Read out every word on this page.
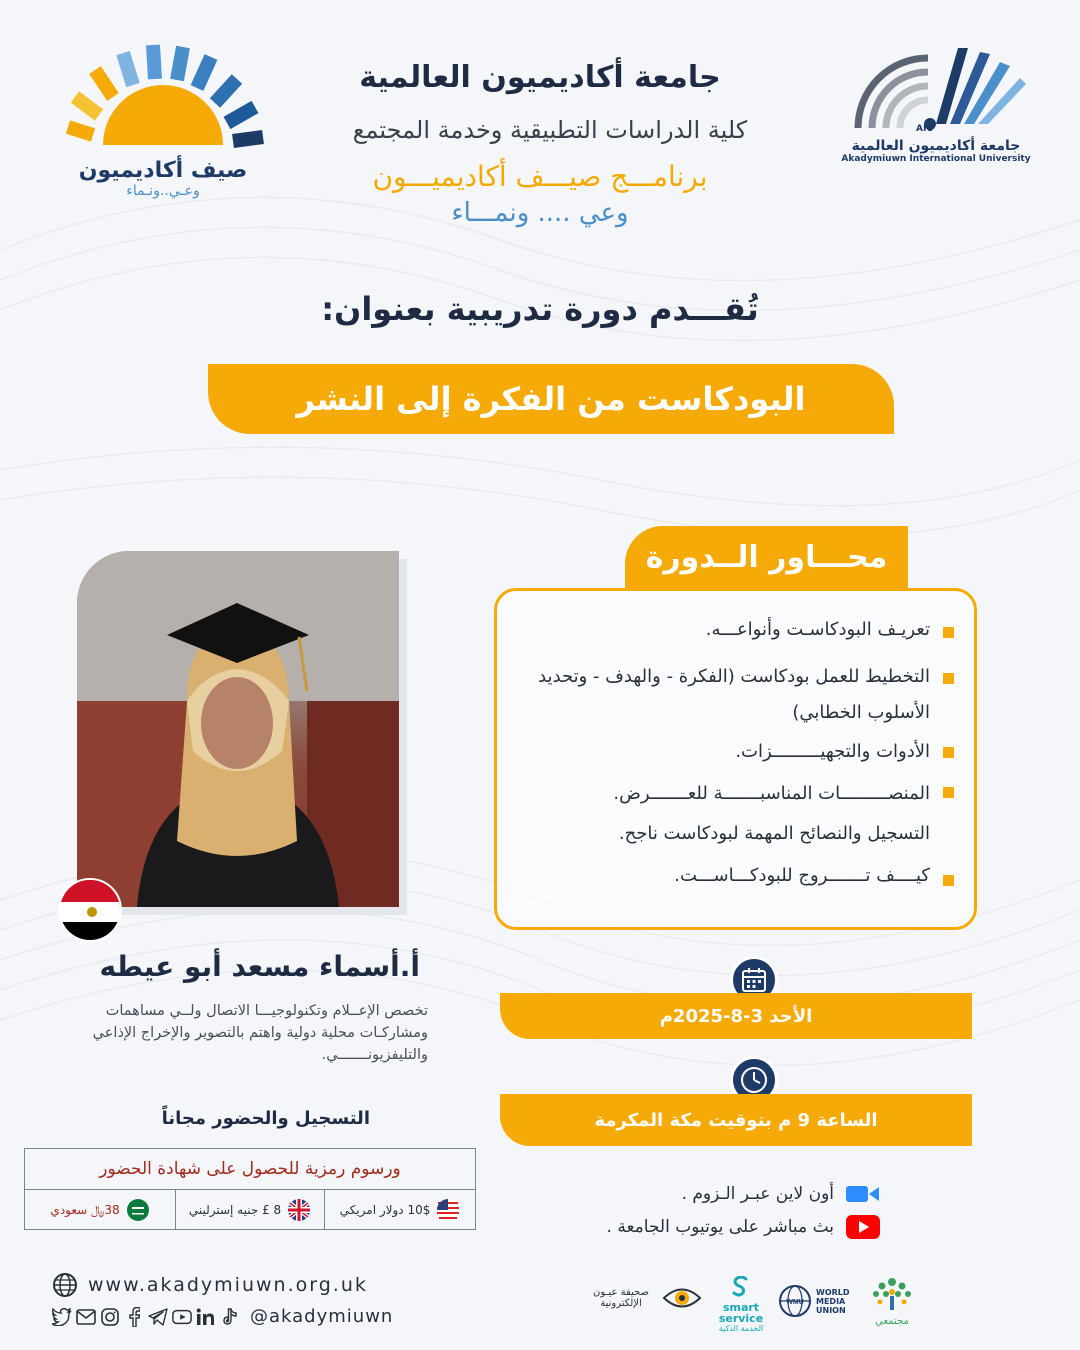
صيف أكاديميون
وعـي..ونـماء
AIU
جامعة أكاديميون العالمية
Akadymiuwn International University
جامعة أكاديميون العالمية
كلية الدراسات التطبيقية وخدمة المجتمع
برنامـــج صيـــف أكاديميـــون
وعي .... ونمـــاء
تُقـــدم دورة تدريبية بعنوان:
البودكاست من الفكرة إلى النشر
محـــاور الــدورة
تعريـف البودكاسـت وأنواعـــه.
التخطيط للعمل بودكاست (الفكرة - والهدف - وتحديد الأسلوب الخطابي)
الأدوات والتجهيـــــــــزات.
المنصـــــــــات المناسبـــــــة للعـــــــرض.
التسجيل والنصائح المهمة لبودكاست ناجح.
كيــــف تـــــــروج للبودكـــاســـت.
أ.أسماء مسعد أبو عيطه
تخصص الإعــلام وتكنولوجيـــا الاتصال ولــي مساهمات ومشاركـات محلية دولية واهتم بالتصوير والإخراج الإذاعي والتليفزيونـــــــي.
التسجيل والحضور مجاناً
ورسوم رمزية للحصول على شهادة الحضور
10$ دولار امريكي
8 £ جنيه إسترليني
38﷼ سعودي
الأحد 3-8-2025م
الساعة 9 م بتوقيت مكة المكرمة
أون لاين عبـر الـزوم .
بث مباشر على يوتيوب الجامعة .
www.akadymiuwn.org.uk
@akadymiuwn
صحيفة عيـون الإلكترونية	smart service
الخدمة الذكية
WMU
WORLD MEDIA UNION
مجتمعي
